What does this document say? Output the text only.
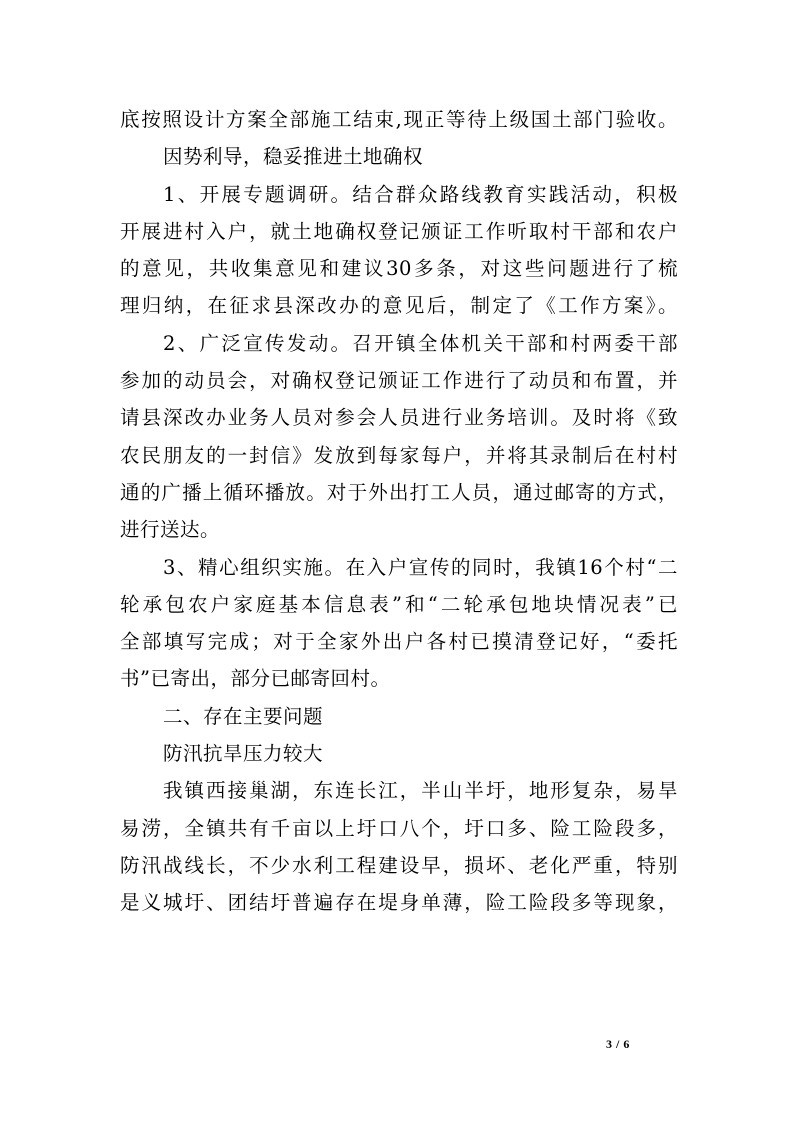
底按照设计方案全部施工结束,现正等待上级国土部门验收。
因势利导，稳妥推进土地确权
1、开展专题调研。结合群众路线教育实践活动，积极
开展进村入户，就土地确权登记颁证工作听取村干部和农户
的意见，共收集意见和建议30多条，对这些问题进行了梳
理归纳，在征求县深改办的意见后，制定了《工作方案》。
2、广泛宣传发动。召开镇全体机关干部和村两委干部
参加的动员会，对确权登记颁证工作进行了动员和布置，并
请县深改办业务人员对参会人员进行业务培训。及时将《致
农民朋友的一封信》发放到每家每户，并将其录制后在村村
通的广播上循环播放。对于外出打工人员，通过邮寄的方式，
进行送达。
3、精心组织实施。在入户宣传的同时，我镇16个村“二
轮承包农户家庭基本信息表”和“二轮承包地块情况表”已
全部填写完成；对于全家外出户各村已摸清登记好，“委托
书”已寄出，部分已邮寄回村。
二、存在主要问题
防汛抗旱压力较大
我镇西接巢湖，东连长江，半山半圩，地形复杂，易旱
易涝，全镇共有千亩以上圩口八个，圩口多、险工险段多，
防汛战线长，不少水利工程建设早，损坏、老化严重，特别
是义城圩、团结圩普遍存在堤身单薄，险工险段多等现象，
3 / 6
